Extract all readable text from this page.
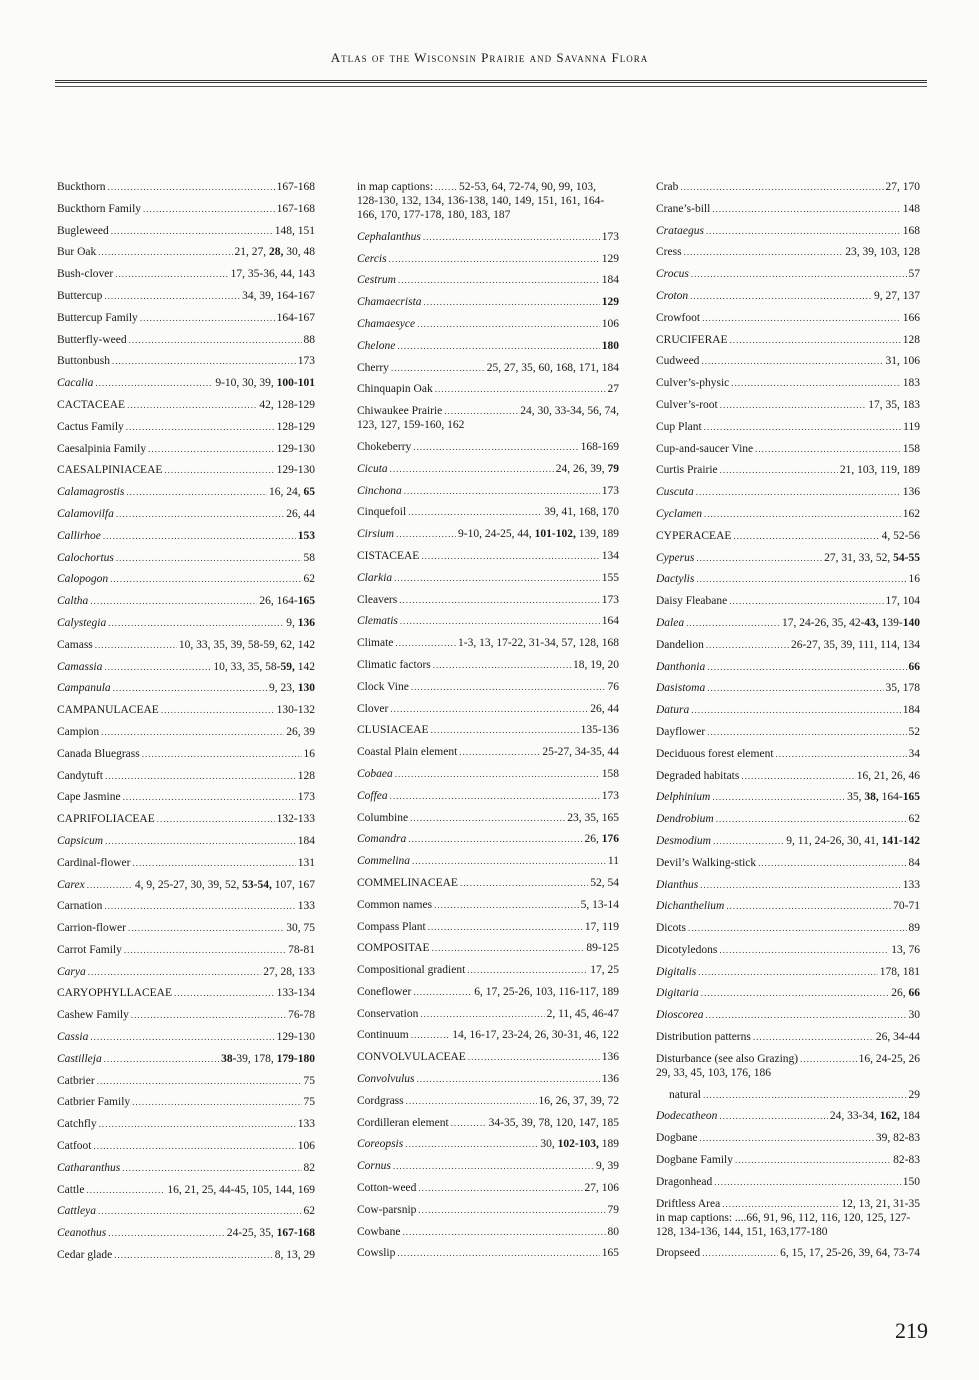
Atlas of the Wisconsin Prairie and Savanna Flora
Buckthorn .....	167-168
Buckthorn Family .....	167-168
Bugleweed .....	148, 151
Bur Oak .....	21, 27, 28, 30, 48
Bush-clover .....	17, 35-36, 44, 143
Buttercup .....	34, 39, 164-167
Buttercup Family .....	164-167
Butterfly-weed .....	88
Buttonbush .....	173
Cacalia .....	9-10, 30, 39, 100-101
CACTACEAE .....	42, 128-129
Cactus Family .....	128-129
Caesalpinia Family .....	129-130
CAESALPINIACEAE .....	129-130
Calamagrostis .....	16, 24, 65
Calamovilfa .....	26, 44
Callirhoe .....	153
Calochortus .....	58
Calopogon .....	62
Caltha .....	26, 164-165
Calystegia .....	9, 136
Camass .....	10, 33, 35, 39, 58-59, 62, 142
Camassia .....	10, 33, 35, 58-59, 142
Campanula .....	9, 23, 130
CAMPANULACEAE .....	130-132
Campion .....	26, 39
Canada Bluegrass .....	16
Candytuft .....	128
Cape Jasmine .....	173
CAPRIFOLIACEAE .....	132-133
Capsicum .....	184
Cardinal-flower .....	131
Carex .....	4, 9, 25-27, 30, 39, 52, 53-54, 107, 167
Carnation .....	133
Carrion-flower .....	30, 75
Carrot Family .....	78-81
Carya .....	27, 28, 133
CARYOPHYLLACEAE .....	133-134
Cashew Family .....	76-78
Cassia .....	129-130
Castilleja .....	38-39, 178, 179-180
Catbrier .....	75
Catbrier Family .....	75
Catchfly .....	133
Catfoot .....	106
Catharanthus .....	82
Cattle .....	16, 21, 25, 44-45, 105, 144, 169
Cattleya .....	62
Ceanothus .....	24-25, 35, 167-168
Cedar glade .....	8, 13, 29
in map captions: ..... 52-53, 64, 72-74, 90, 99, 103,
128-130, 132, 134, 136-138, 140, 149, 151, 161, 164-166, 170, 177-178, 180, 183, 187
Cephalanthus .....	173
Cercis .....	129
Cestrum .....	184
Chamaecrista .....	129
Chamaesyce .....	106
Chelone .....	180
Cherry .....	25, 27, 35, 60, 168, 171, 184
Chinquapin Oak .....	27
Chiwaukee Prairie .....	24, 30, 33-34, 56, 74,
123, 127, 159-160, 162
Chokeberry .....	168-169
Cicuta .....	24, 26, 39, 79
Cinchona .....	173
Cinquefoil .....	39, 41, 168, 170
Cirsium .....	9-10, 24-25, 44, 101-102, 139, 189
CISTACEAE .....	134
Clarkia .....	155
Cleavers .....	173
Clematis .....	164
Climate .....	1-3, 13, 17-22, 31-34, 57, 128, 168
Climatic factors .....	18, 19, 20
Clock Vine .....	76
Clover .....	26, 44
CLUSIACEAE .....	135-136
Coastal Plain element .....	25-27, 34-35, 44
Cobaea .....	158
Coffea .....	173
Columbine .....	23, 35, 165
Comandra .....	26, 176
Commelina .....	11
COMMELINACEAE .....	52, 54
Common names .....	5, 13-14
Compass Plant .....	17, 119
COMPOSITAE .....	89-125
Compositional gradient .....	17, 25
Coneflower .....	6, 17, 25-26, 103, 116-117, 189
Conservation .....	2, 11, 45, 46-47
Continuum .....	14, 16-17, 23-24, 26, 30-31, 46, 122
CONVOLVULACEAE .....	136
Convolvulus .....	136
Cordgrass .....	16, 26, 37, 39, 72
Cordilleran element .....	34-35, 39, 78, 120, 147, 185
Coreopsis .....	30, 102-103, 189
Cornus .....	9, 39
Cotton-weed .....	27, 106
Cow-parsnip .....	79
Cowbane .....	80
Cowslip .....	165
Crab .....	27, 170
Crane’s-bill .....	148
Crataegus .....	168
Cress .....	23, 39, 103, 128
Crocus .....	57
Croton .....	9, 27, 137
Crowfoot .....	166
CRUCIFERAE .....	128
Cudweed .....	31, 106
Culver’s-physic .....	183
Culver’s-root .....	17, 35, 183
Cup Plant .....	119
Cup-and-saucer Vine .....	158
Curtis Prairie .....	21, 103, 119, 189
Cuscuta .....	136
Cyclamen .....	162
CYPERACEAE .....	4, 52-56
Cyperus .....	27, 31, 33, 52, 54-55
Dactylis .....	16
Daisy Fleabane .....	17, 104
Dalea .....	17, 24-26, 35, 42-43, 139-140
Dandelion .....	26-27, 35, 39, 111, 114, 134
Danthonia .....	66
Dasistoma .....	35, 178
Datura .....	184
Dayflower .....	52
Deciduous forest element .....	34
Degraded habitats .....	16, 21, 26, 46
Delphinium .....	35, 38, 164-165
Dendrobium .....	62
Desmodium .....	9, 11, 24-26, 30, 41, 141-142
Devil’s Walking-stick .....	84
Dianthus .....	133
Dichanthelium .....	70-71
Dicots .....	89
Dicotyledons .....	13, 76
Digitalis .....	178, 181
Digitaria .....	26, 66
Dioscorea .....	30
Distribution patterns .....	26, 34-44
Disturbance (see also Grazing) .....	16, 24-25, 26
29, 33, 45, 103, 176, 186
natural .....	29
Dodecatheon .....	24, 33-34, 162, 184
Dogbane .....	39, 82-83
Dogbane Family .....	82-83
Dragonhead .....	150
Driftless Area .....	12, 13, 21, 31-35
in map captions: ....66, 91, 96, 112, 116, 120, 125, 127-128, 134-136, 144, 151, 163,177-180
Dropseed .....	6, 15, 17, 25-26, 39, 64, 73-74
219
